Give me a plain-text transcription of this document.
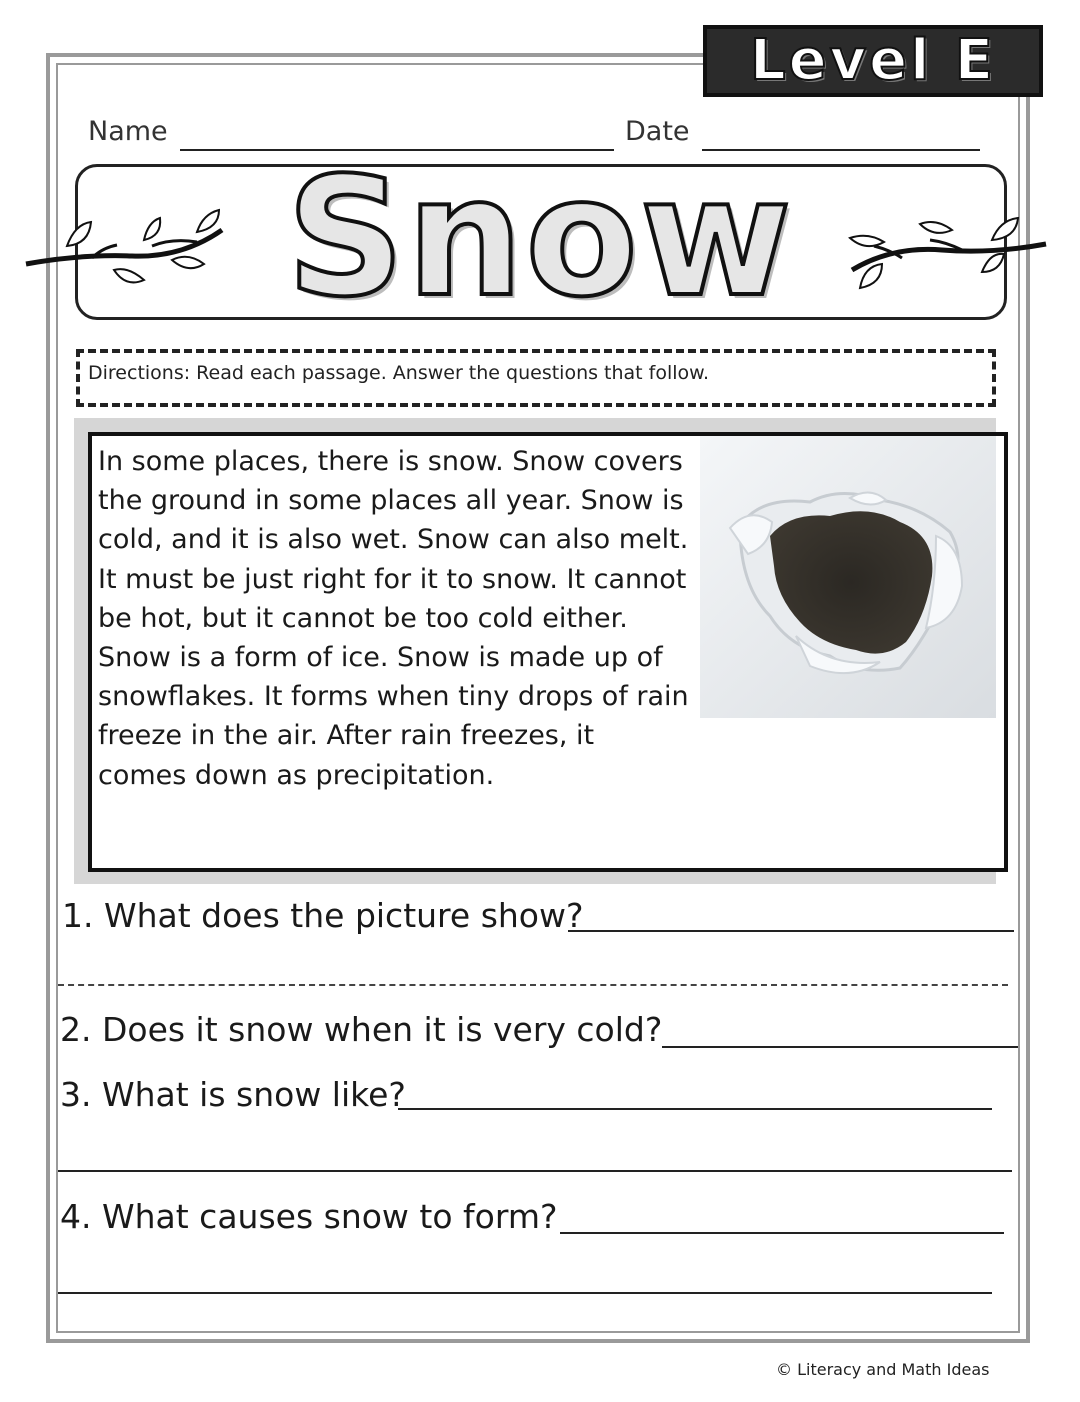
Level E
Name	Date
Snow
Directions: Read each passage. Answer the questions that follow.
In some places, there is snow. Snow covers the ground in some places all year. Snow is cold, and it is also wet. Snow can also melt. It must be just right for it to snow. It cannot be hot, but it cannot be too cold either. Snow is a form of ice. Snow is made up of snowflakes. It forms when tiny drops of rain freeze in the air. After rain freezes, it comes down as precipitation.
1. What does the picture show?
2. Does it snow when it is very cold?
3. What is snow like?
4. What causes snow to form?
© Literacy and Math Ideas
